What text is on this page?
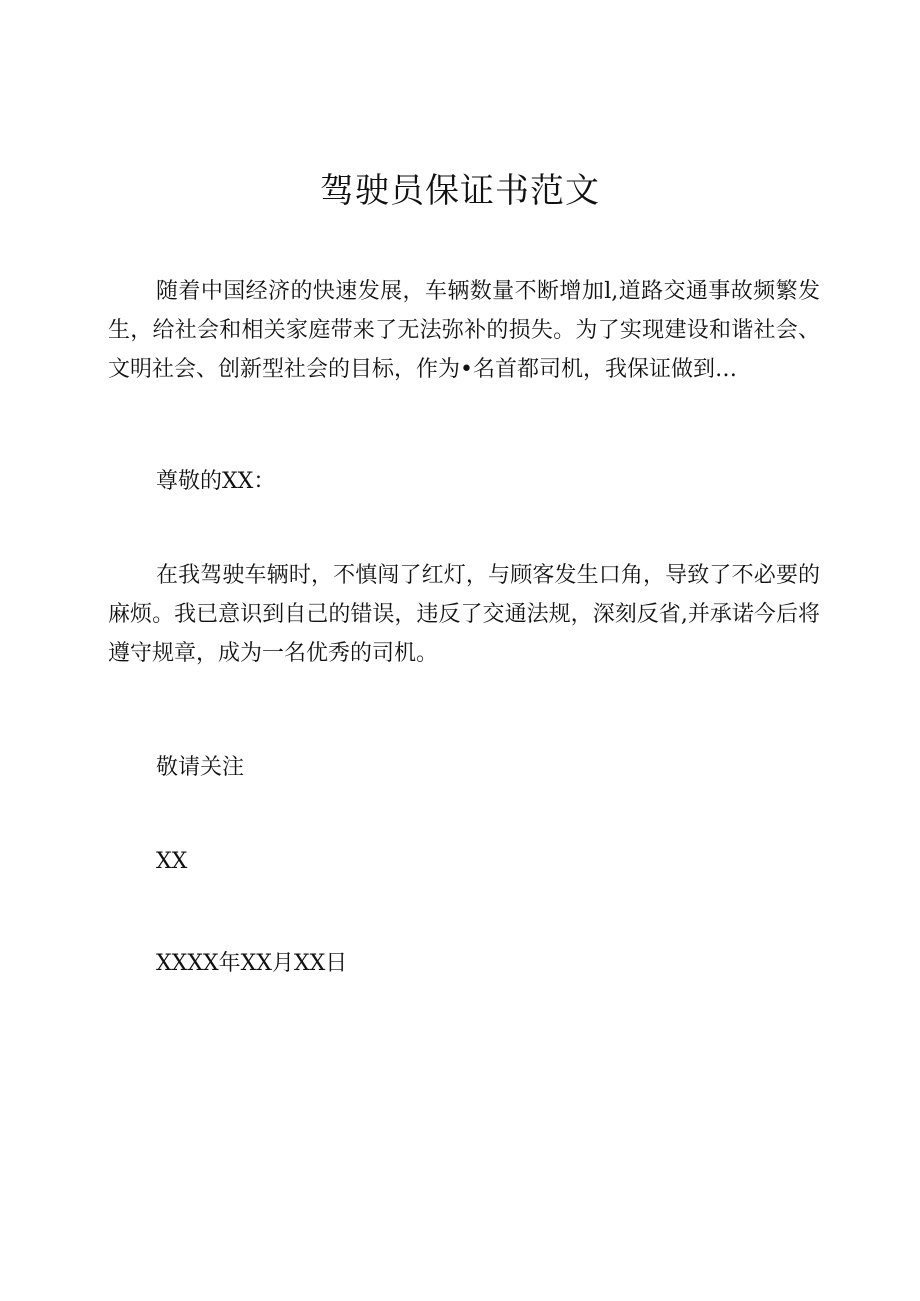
驾驶员保证书范文

随着中国经济的快速发展，车辆数量不断增加l,道路交通事故频繁发生，给社会和相关家庭带来了无法弥补的损失。为了实现建设和谐社会、文明社会、创新型社会的目标，作为•名首都司机，我保证做到…

尊敬的XX：

在我驾驶车辆时，不慎闯了红灯，与顾客发生口角，导致了不必要的麻烦。我已意识到自己的错误，违反了交通法规，深刻反省,并承诺今后将遵守规章，成为一名优秀的司机。

敬请关注

XX

XXXX年XX月XX日
